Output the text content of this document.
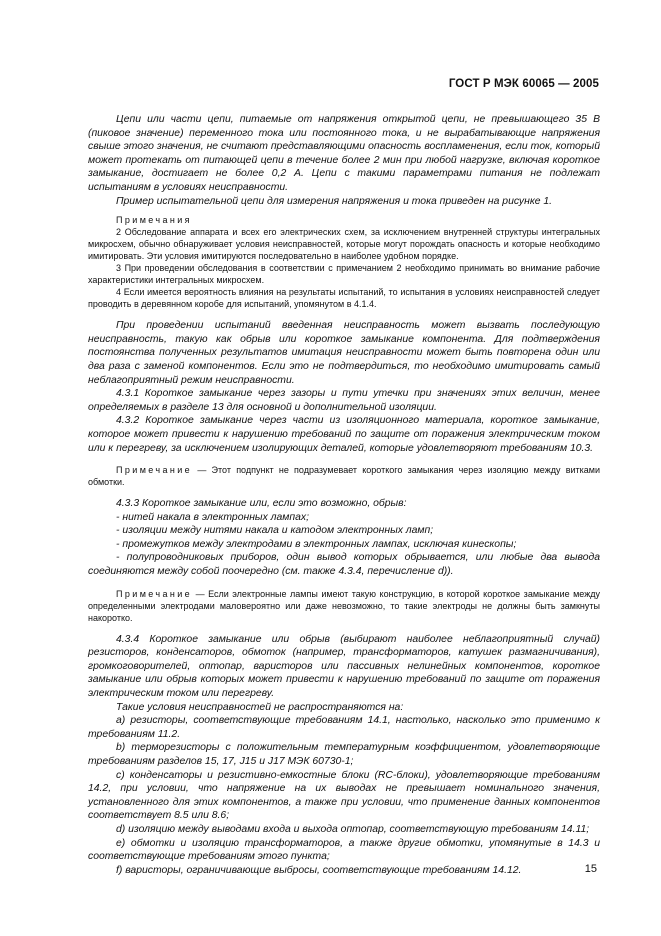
ГОСТ Р МЭК 60065 — 2005

Цепи или части цепи, питаемые от напряжения открытой цепи, не превышающего 35 В (пиковое значение) переменного тока или постоянного тока, и не вырабатывающие напряжения свыше этого значения, не считают представляющими опасность воспламенения, если ток, который может протекать от питающей цепи в течение более 2 мин при любой нагрузке, включая короткое замыкание, достигает не более 0,2 А. Цепи с такими параметрами питания не подлежат испытаниям в условиях неисправности.

Пример испытательной цепи для измерения напряжения и тока приведен на рисунке 1.

Примечания

2 Обследование аппарата и всех его электрических схем, за исключением внутренней структуры интегральных микросхем, обычно обнаруживает условия неисправностей, которые могут порождать опасность и которые необходимо имитировать. Эти условия имитируются последовательно в наиболее удобном порядке.

3 При проведении обследования в соответствии с примечанием 2 необходимо принимать во внимание рабочие характеристики интегральных микросхем.

4 Если имеется вероятность влияния на результаты испытаний, то испытания в условиях неисправностей следует проводить в деревянном коробе для испытаний, упомянутом в 4.1.4.

При проведении испытаний введенная неисправность может вызвать последующую неисправность, такую как обрыв или короткое замыкание компонента. Для подтверждения постоянства полученных результатов имитация неисправности может быть повторена один или два раза с заменой компонентов. Если это не подтвердиться, то необходимо имитировать самый неблагоприятный режим неисправности.

4.3.1 Короткое замыкание через зазоры и пути утечки при значениях этих величин, менее определяемых в разделе 13 для основной и дополнительной изоляции.

4.3.2 Короткое замыкание через части из изоляционного материала, короткое замыкание, которое может привести к нарушению требований по защите от поражения электрическим током или к перегреву, за исключением изолирующих деталей, которые удовлетворяют требованиям 10.3.

Примечание — Этот подпункт не подразумевает короткого замыкания через изоляцию между витками обмотки.

4.3.3 Короткое замыкание или, если это возможно, обрыв:

- нитей накала в электронных лампах;

- изоляции между нитями накала и катодом электронных ламп;

- промежутков между электродами в электронных лампах, исключая кинескопы;

- полупроводниковых приборов, один вывод которых обрывается, или любые два вывода соединяются между собой поочередно (см. также 4.3.4, перечисление d)).

Примечание — Если электронные лампы имеют такую конструкцию, в которой короткое замыкание между определенными электродами маловероятно или даже невозможно, то такие электроды не должны быть замкнуты накоротко.

4.3.4 Короткое замыкание или обрыв (выбирают наиболее неблагоприятный случай) резисторов, конденсаторов, обмоток (например, трансформаторов, катушек размагничивания), громкоговорителей, оптопар, варисторов или пассивных нелинейных компонентов, короткое замыкание или обрыв которых может привести к нарушению требований по защите от поражения электрическим током или перегреву.

Такие условия неисправностей не распространяются на:

a) резисторы, соответствующие требованиям 14.1, настолько, насколько это применимо к требованиям 11.2.

b) терморезисторы с положительным температурным коэффициентом, удовлетворяющие требованиям разделов 15, 17, J15 и J17 МЭК 60730-1;

c) конденсаторы и резистивно-емкостные блоки (RC-блоки), удовлетворяющие требованиям 14.2, при условии, что напряжение на их выводах не превышает номинального значения, установленного для этих компонентов, а также при условии, что применение данных компонентов соответствует 8.5 или 8.6;

d) изоляцию между выводами входа и выхода оптопар, соответствующую требованиям 14.11;

e) обмотки и изоляцию трансформаторов, а также другие обмотки, упомянутые в 14.3 и соответствующие требованиям этого пункта;

f) варисторы, ограничивающие выбросы, соответствующие требованиям 14.12.	15
